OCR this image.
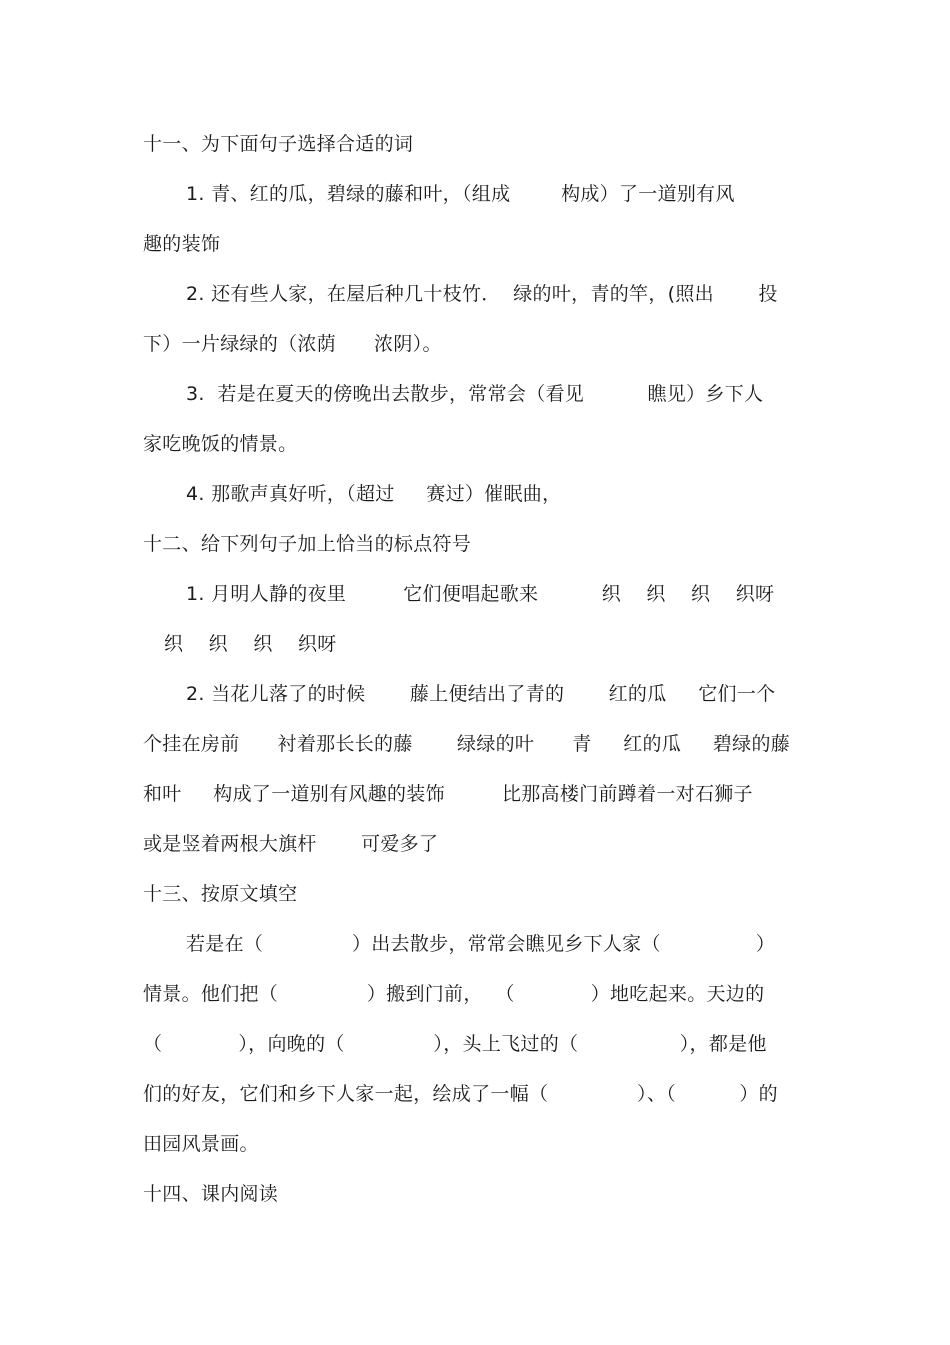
十一、为下面句子选择合适的词
1. 青、红的瓜，碧绿的藤和叶，（组成        构成）了一道别有风
趣的装饰
2. 还有些人家，在屋后种几十枝竹．  绿的叶，青的竿，(照出       投
下）一片绿绿的（浓荫      浓阴）。
3.  若是在夏天的傍晚出去散步，常常会（看见          瞧见）乡下人
家吃晚饭的情景。
4. 那歌声真好听，（超过     赛过）催眠曲，
十二、给下列句子加上恰当的标点符号
1. 月明人静的夜里         它们便唱起歌来          织    织    织    织呀
织    织    织    织呀
2. 当花儿落了的时候       藤上便结出了青的       红的瓜     它们一个
个挂在房前      衬着那长长的藤       绿绿的叶      青     红的瓜     碧绿的藤
和叶     构成了一道别有风趣的装饰         比那高楼门前蹲着一对石狮子
或是竖着两根大旗杆       可爱多了
十三、按原文填空
若是在（              ）出去散步，常常会瞧见乡下人家（               ）
情景。他们把（              ）搬到门前，  （            ）地吃起来。天边的
（            ），向晚的（              ），头上飞过的（                ），都是他
们的好友，它们和乡下人家一起，绘成了一幅（              ）、（          ）的
田园风景画。
十四、课内阅读
